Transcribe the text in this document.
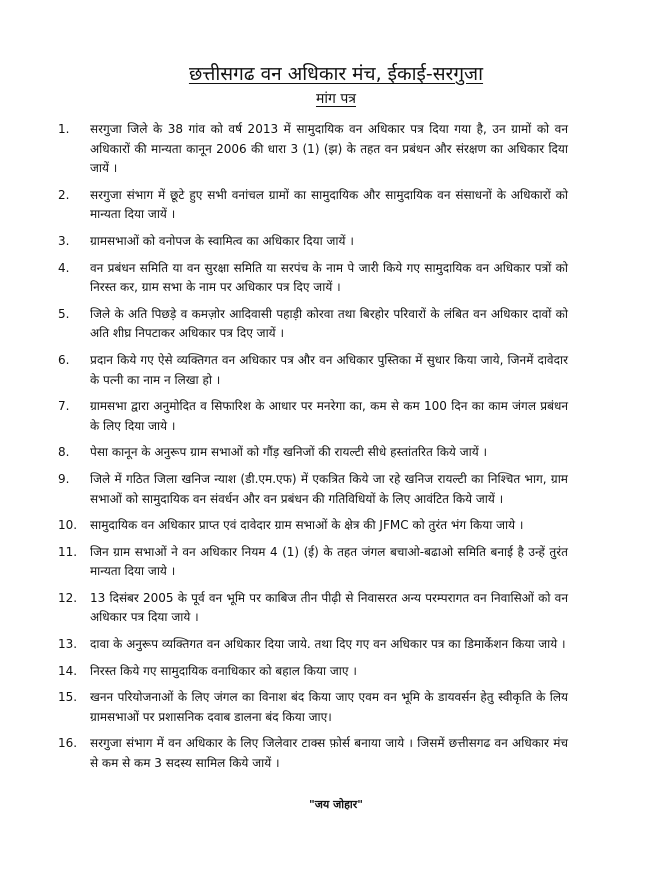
छत्तीसगढ वन अधिकार मंच, ईकाई-सरगुजा
मांग पत्र
1.	सरगुजा जिले के 38 गांव को वर्ष 2013 में सामुदायिक वन अधिकार पत्र दिया गया है, उन ग्रामों को वन अधिकारों की मान्यता कानून 2006 की धारा 3 (1) (झ) के तहत वन प्रबंधन और संरक्षण का अधिकार दिया जायें ।
2.	सरगुजा संभाग में छूटे हुए सभी वनांचल ग्रामों का सामुदायिक और सामुदायिक वन संसाधनों के अधिकारों को मान्यता दिया जायें ।
3.	ग्रामसभाओं को वनोपज के स्वामित्व का अधिकार दिया जायें ।
4.	वन प्रबंधन समिति या वन सुरक्षा समिति या सरपंच के नाम पे जारी किये गए सामुदायिक वन अधिकार पत्रों को निरस्त कर, ग्राम सभा के नाम पर अधिकार पत्र दिए जायें ।
5.	जिले के अति पिछड़े व कमज़ोर आदिवासी पहाड़ी कोरवा तथा बिरहोर परिवारों के लंबित वन अधिकार दावों को अति शीघ्र निपटाकर अधिकार पत्र दिए जायें ।
6.	प्रदान किये गए ऐसे व्यक्तिगत वन अधिकार पत्र और वन अधिकार पुस्तिका में सुधार किया जाये, जिनमें दावेदार के पत्नी का नाम न लिखा हो ।
7.	ग्रामसभा द्वारा अनुमोदित व सिफारिश के आधार पर मनरेगा का, कम से कम 100 दिन का काम जंगल प्रबंधन के लिए दिया जाये ।
8.	पेसा कानून के अनुरूप ग्राम सभाओं को गौंड़ खनिजों की रायल्टी सीधे हस्तांतरित किये जायें ।
9.	जिले में गठित जिला खनिज न्याश (डी.एम.एफ) में एकत्रित किये जा रहे खनिज रायल्टी का निश्चित भाग, ग्राम सभाओं को सामुदायिक वन संवर्धन और वन प्रबंधन की गतिविधियों के लिए आवंटित किये जायें ।
10.	सामुदायिक वन अधिकार प्राप्त एवं दावेदार ग्राम सभाओं के क्षेत्र की JFMC को तुरंत भंग किया जाये ।
11.	जिन ग्राम सभाओं ने वन अधिकार नियम 4 (1) (ई) के तहत जंगल बचाओ-बढाओ समिति बनाई है उन्हें तुरंत मान्यता दिया जाये ।
12.	13 दिसंबर 2005 के पूर्व वन भूमि पर काबिज तीन पीढ़ी से निवासरत अन्य परम्परागत वन निवासिओं को वन अधिकार पत्र दिया जाये ।
13.	दावा के अनुरूप व्यक्तिगत वन अधिकार दिया जाये. तथा दिए गए वन अधिकार पत्र का डिमार्केशन किया जाये ।
14.	निरस्त किये गए सामुदायिक वनाधिकार को बहाल किया जाए ।
15.	खनन परियोजनाओं के लिए जंगल का विनाश बंद किया जाए एवम वन भूमि के डायवर्सन हेतु स्वीकृति के लिय ग्रामसभाओं पर प्रशासनिक दवाब डालना बंद किया जाए।
16.	सरगुजा संभाग में वन अधिकार के लिए जिलेवार टाक्स फ़ोर्स बनाया जाये । जिसमें छत्तीसगढ वन अधिकार मंच से कम से कम 3 सदस्य सामिल किये जायें ।
"जय जोहार"
